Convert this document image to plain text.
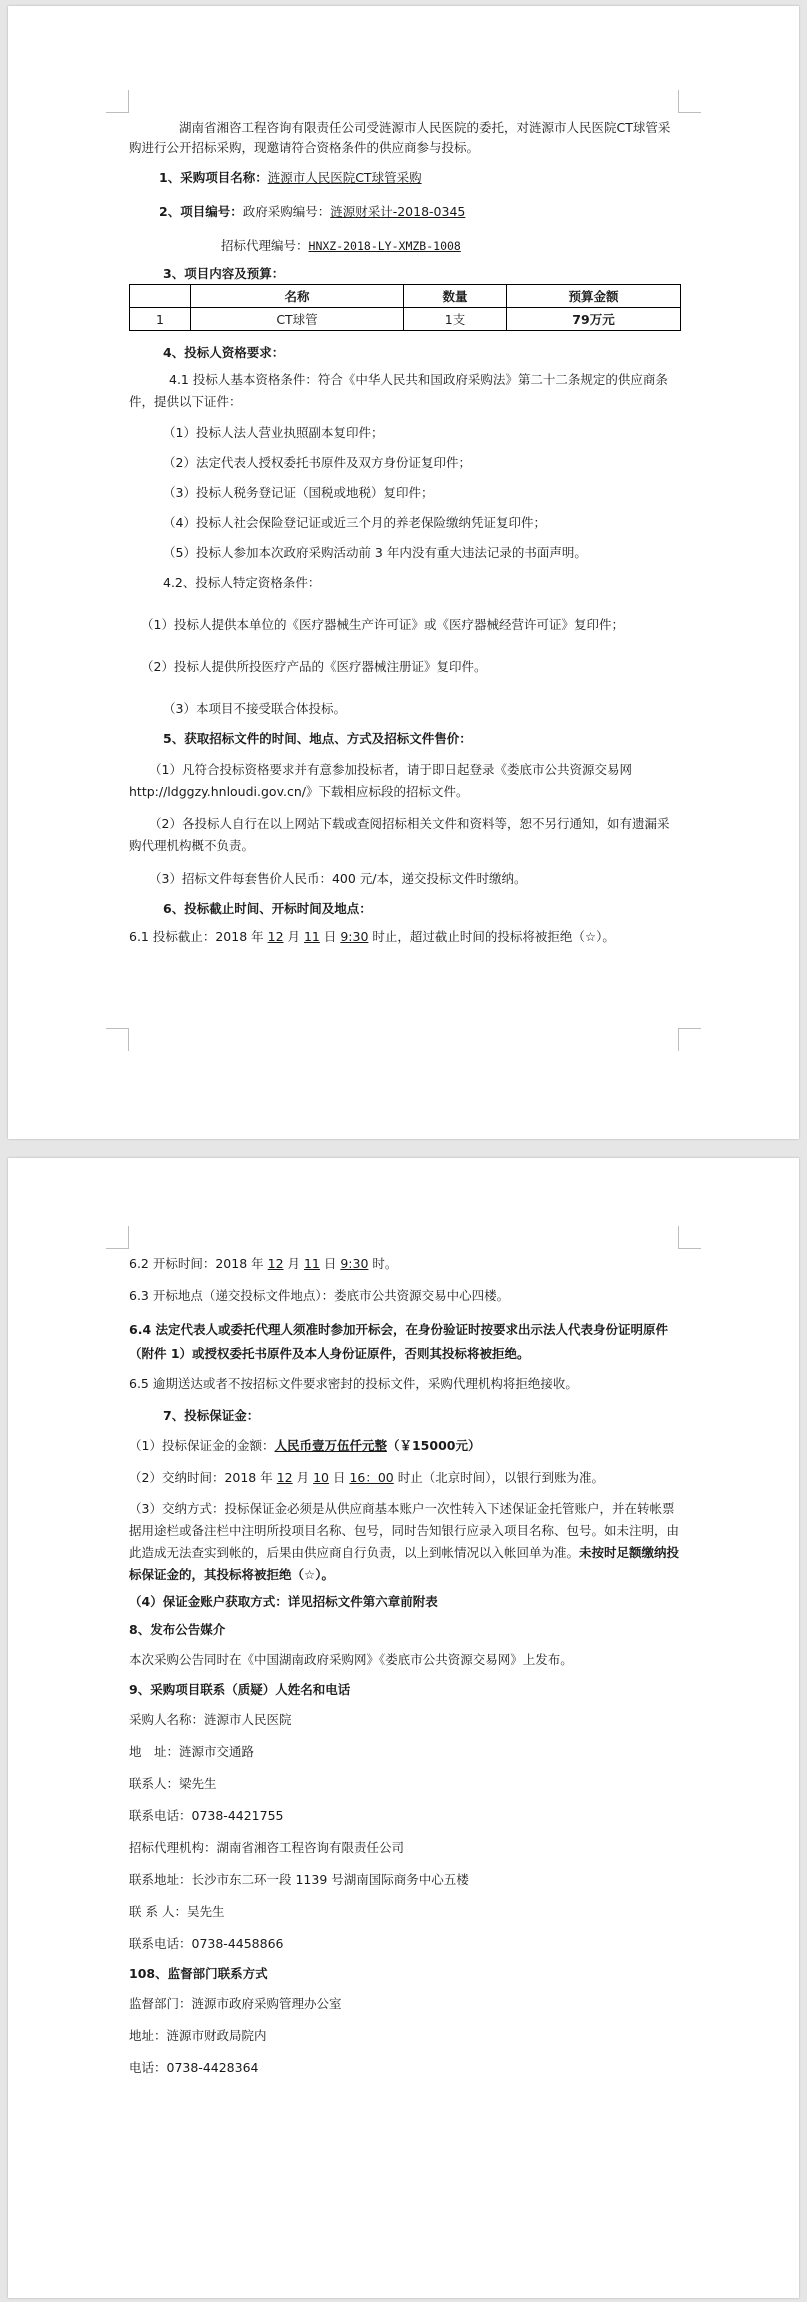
湖南省湘咨工程咨询有限责任公司受涟源市人民医院的委托，对涟源市人民医院CT球管采购进行公开招标采购，现邀请符合资格条件的供应商参与投标。

1、采购项目名称：涟源市人民医院CT球管采购

2、项目编号：政府采购编号：涟源财采计-2018-0345

招标代理编号：HNXZ-2018-LY-XMZB-1008

3、项目内容及预算：

	名称	数量	预算金额
1	CT球管	1支	79万元

4、投标人资格要求：

4.1 投标人基本资格条件：符合《中华人民共和国政府采购法》第二十二条规定的供应商条件，提供以下证件：

（1）投标人法人营业执照副本复印件；

（2）法定代表人授权委托书原件及双方身份证复印件；

（3）投标人税务登记证（国税或地税）复印件；

（4）投标人社会保险登记证或近三个月的养老保险缴纳凭证复印件；

（5）投标人参加本次政府采购活动前 3 年内没有重大违法记录的书面声明。

4.2、投标人特定资格条件：

（1）投标人提供本单位的《医疗器械生产许可证》或《医疗器械经营许可证》复印件；

（2）投标人提供所投医疗产品的《医疗器械注册证》复印件。

（3）本项目不接受联合体投标。

5、获取招标文件的时间、地点、方式及招标文件售价：

（1）凡符合投标资格要求并有意参加投标者，请于即日起登录《娄底市公共资源交易网 http://ldggzy.hnloudi.gov.cn/》下载相应标段的招标文件。

（2）各投标人自行在以上网站下载或查阅招标相关文件和资料等，恕不另行通知，如有遗漏采购代理机构概不负责。

（3）招标文件每套售价人民币：400 元/本，递交投标文件时缴纳。

6、投标截止时间、开标时间及地点：

6.1 投标截止：2018 年 12 月 11 日 9:30 时止，超过截止时间的投标将被拒绝（☆）。

6.2 开标时间：2018 年 12 月 11 日 9:30 时。

6.3 开标地点（递交投标文件地点）：娄底市公共资源交易中心四楼。

6.4 法定代表人或委托代理人须准时参加开标会，在身份验证时按要求出示法人代表身份证明原件（附件 1）或授权委托书原件及本人身份证原件，否则其投标将被拒绝。

6.5 逾期送达或者不按招标文件要求密封的投标文件，采购代理机构将拒绝接收。

7、投标保证金：

（1）投标保证金的金额：人民币壹万伍仟元整（￥15000元）

（2）交纳时间：2018 年 12 月 10 日 16：00 时止（北京时间），以银行到账为准。

（3）交纳方式：投标保证金必须是从供应商基本账户一次性转入下述保证金托管账户，并在转帐票据用途栏或备注栏中注明所投项目名称、包号，同时告知银行应录入项目名称、包号。如未注明，由此造成无法查实到帐的，后果由供应商自行负责，以上到帐情况以入帐回单为准。未按时足额缴纳投标保证金的，其投标将被拒绝（☆）。

（4）保证金账户获取方式：详见招标文件第六章前附表

8、发布公告媒介

本次采购公告同时在《中国湖南政府采购网》《娄底市公共资源交易网》上发布。

9、采购项目联系（质疑）人姓名和电话

采购人名称：涟源市人民医院

地　址：涟源市交通路

联系人：梁先生

联系电话：0738-4421755

招标代理机构：湖南省湘咨工程咨询有限责任公司

联系地址：长沙市东二环一段 1139 号湖南国际商务中心五楼

联 系 人：吴先生

联系电话：0738-4458866

108、监督部门联系方式

监督部门：涟源市政府采购管理办公室

地址：涟源市财政局院内

电话：0738-4428364
